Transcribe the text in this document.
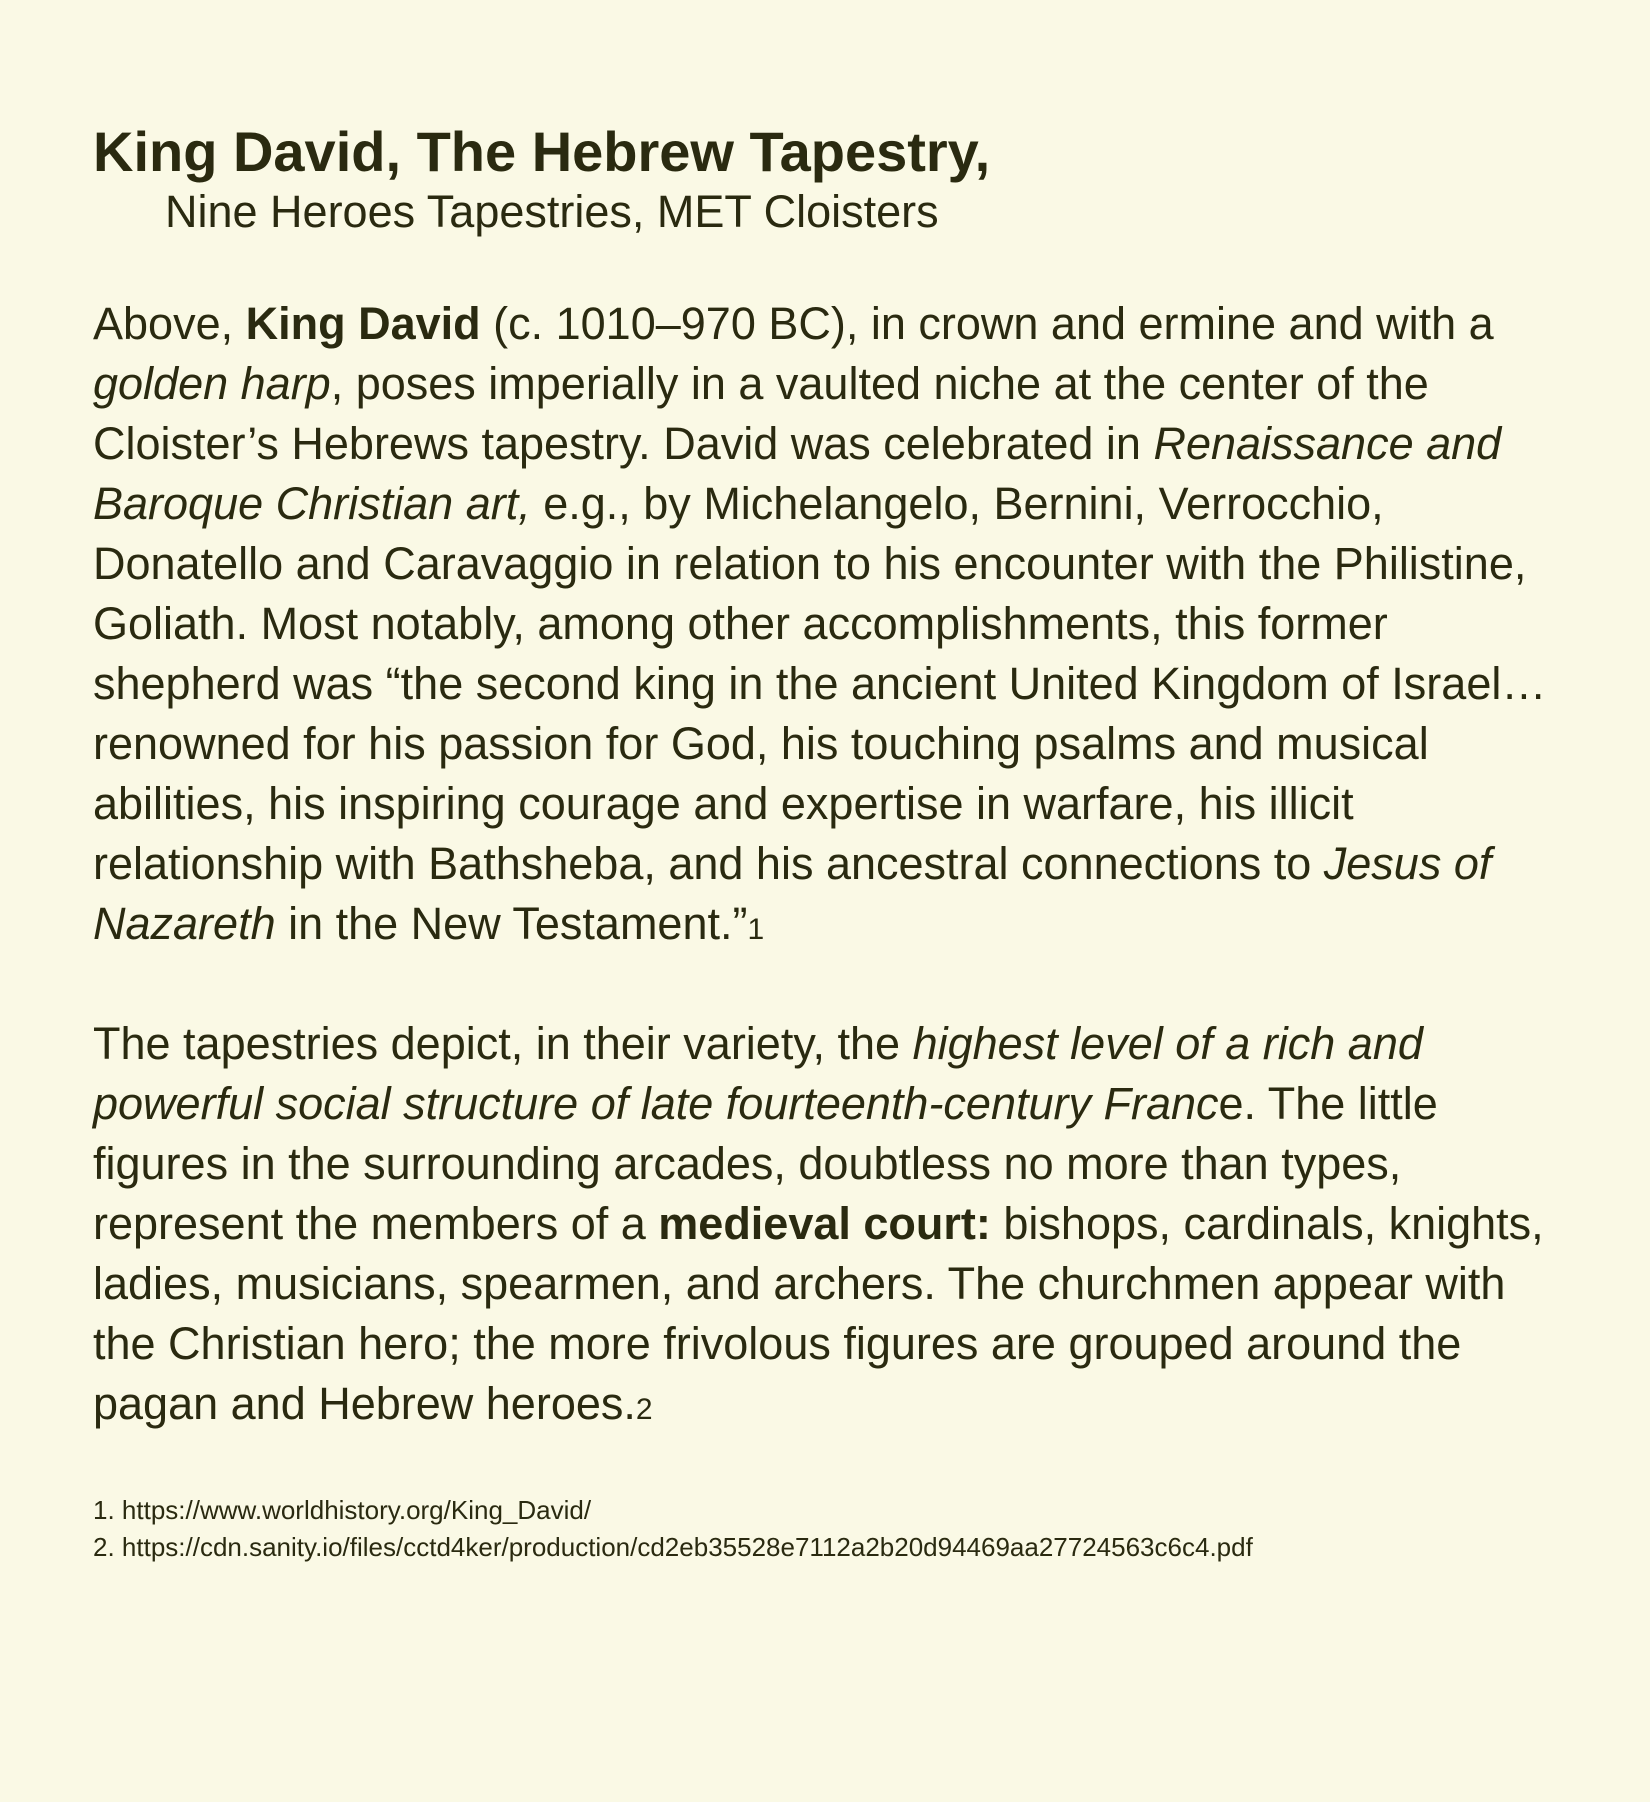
King David, The Hebrew Tapestry,
Nine Heroes Tapestries, MET Cloisters

Above, King David (c. 1010–970 BC), in crown and ermine and with a golden harp, poses imperially in a vaulted niche at the center of the Cloister’s Hebrews tapestry. David was celebrated in Renaissance and Baroque Christian art, e.g., by Michelangelo, Bernini, Verrocchio, Donatello and Caravaggio in relation to his encounter with the Philistine, Goliath. Most notably, among other accomplishments, this former shepherd was “the second king in the ancient United Kingdom of Israel… renowned for his passion for God, his touching psalms and musical abilities, his inspiring courage and expertise in warfare, his illicit relationship with Bathsheba, and his ancestral connections to Jesus of Nazareth in the New Testament.”1

The tapestries depict, in their variety, the highest level of a rich and powerful social structure of late fourteenth-century France. The little figures in the surrounding arcades, doubtless no more than types, represent the members of a medieval court: bishops, cardinals, knights, ladies, musicians, spearmen, and archers. The churchmen appear with the Christian hero; the more frivolous figures are grouped around the pagan and Hebrew heroes.2

1. https://www.worldhistory.org/King_David/
2. https://cdn.sanity.io/files/cctd4ker/production/cd2eb35528e7112a2b20d94469aa27724563c6c4.pdf
